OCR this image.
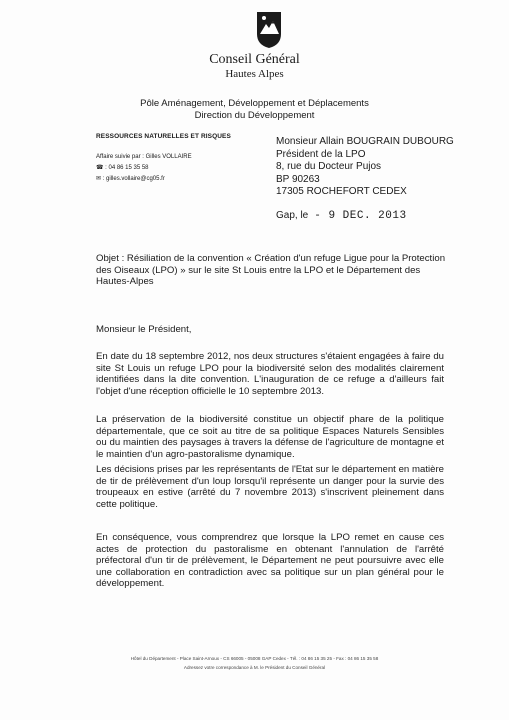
Conseil Général
Hautes Alpes
Pôle Aménagement, Développement et Déplacements
Direction du Développement
RESSOURCES NATURELLES ET RISQUES
Affaire suivie par : Gilles VOLLAIRE
☎ : 04 86 15 35 58
✉ : gilles.vollaire@cg05.fr
Monsieur Allain BOUGRAIN DUBOURG
Président de la LPO
8, rue du Docteur Pujos
BP 90263
17305 ROCHEFORT CEDEX
Gap, le - 9 DEC. 2013

Objet : Résiliation de la convention « Création d'un refuge Ligue pour la Protection des Oiseaux (LPO) » sur le site St Louis entre la LPO et le Département des Hautes-Alpes

Monsieur le Président,

En date du 18 septembre 2012, nos deux structures s'étaient engagées à faire du site St Louis un refuge LPO pour la biodiversité selon des modalités clairement identifiées dans la dite convention. L'inauguration de ce refuge a d'ailleurs fait l'objet d'une réception officielle le 10 septembre 2013.

La préservation de la biodiversité constitue un objectif phare de la politique départementale, que ce soit au titre de sa politique Espaces Naturels Sensibles ou du maintien des paysages à travers la défense de l'agriculture de montagne et le maintien d'un agro-pastoralisme dynamique.

Les décisions prises par les représentants de l'Etat sur le département en matière de tir de prélèvement d'un loup lorsqu'il représente un danger pour la survie des troupeaux en estive (arrêté du 7 novembre 2013) s'inscrivent pleinement dans cette politique.

En conséquence, vous comprendrez que lorsque la LPO remet en cause ces actes de protection du pastoralisme en obtenant l'annulation de l'arrêté préfectoral d'un tir de prélèvement, le Département ne peut poursuivre avec elle une collaboration en contradiction avec sa politique sur un plan général pour le développement.

Hôtel du Département - Place Saint-Arnoux - CS 66005 - 05008 GAP Cedex - Tél. : 04 86 15 35 25 - Fax : 04 86 15 35 58
Adressez votre correspondance à M. le Président du Conseil Général
